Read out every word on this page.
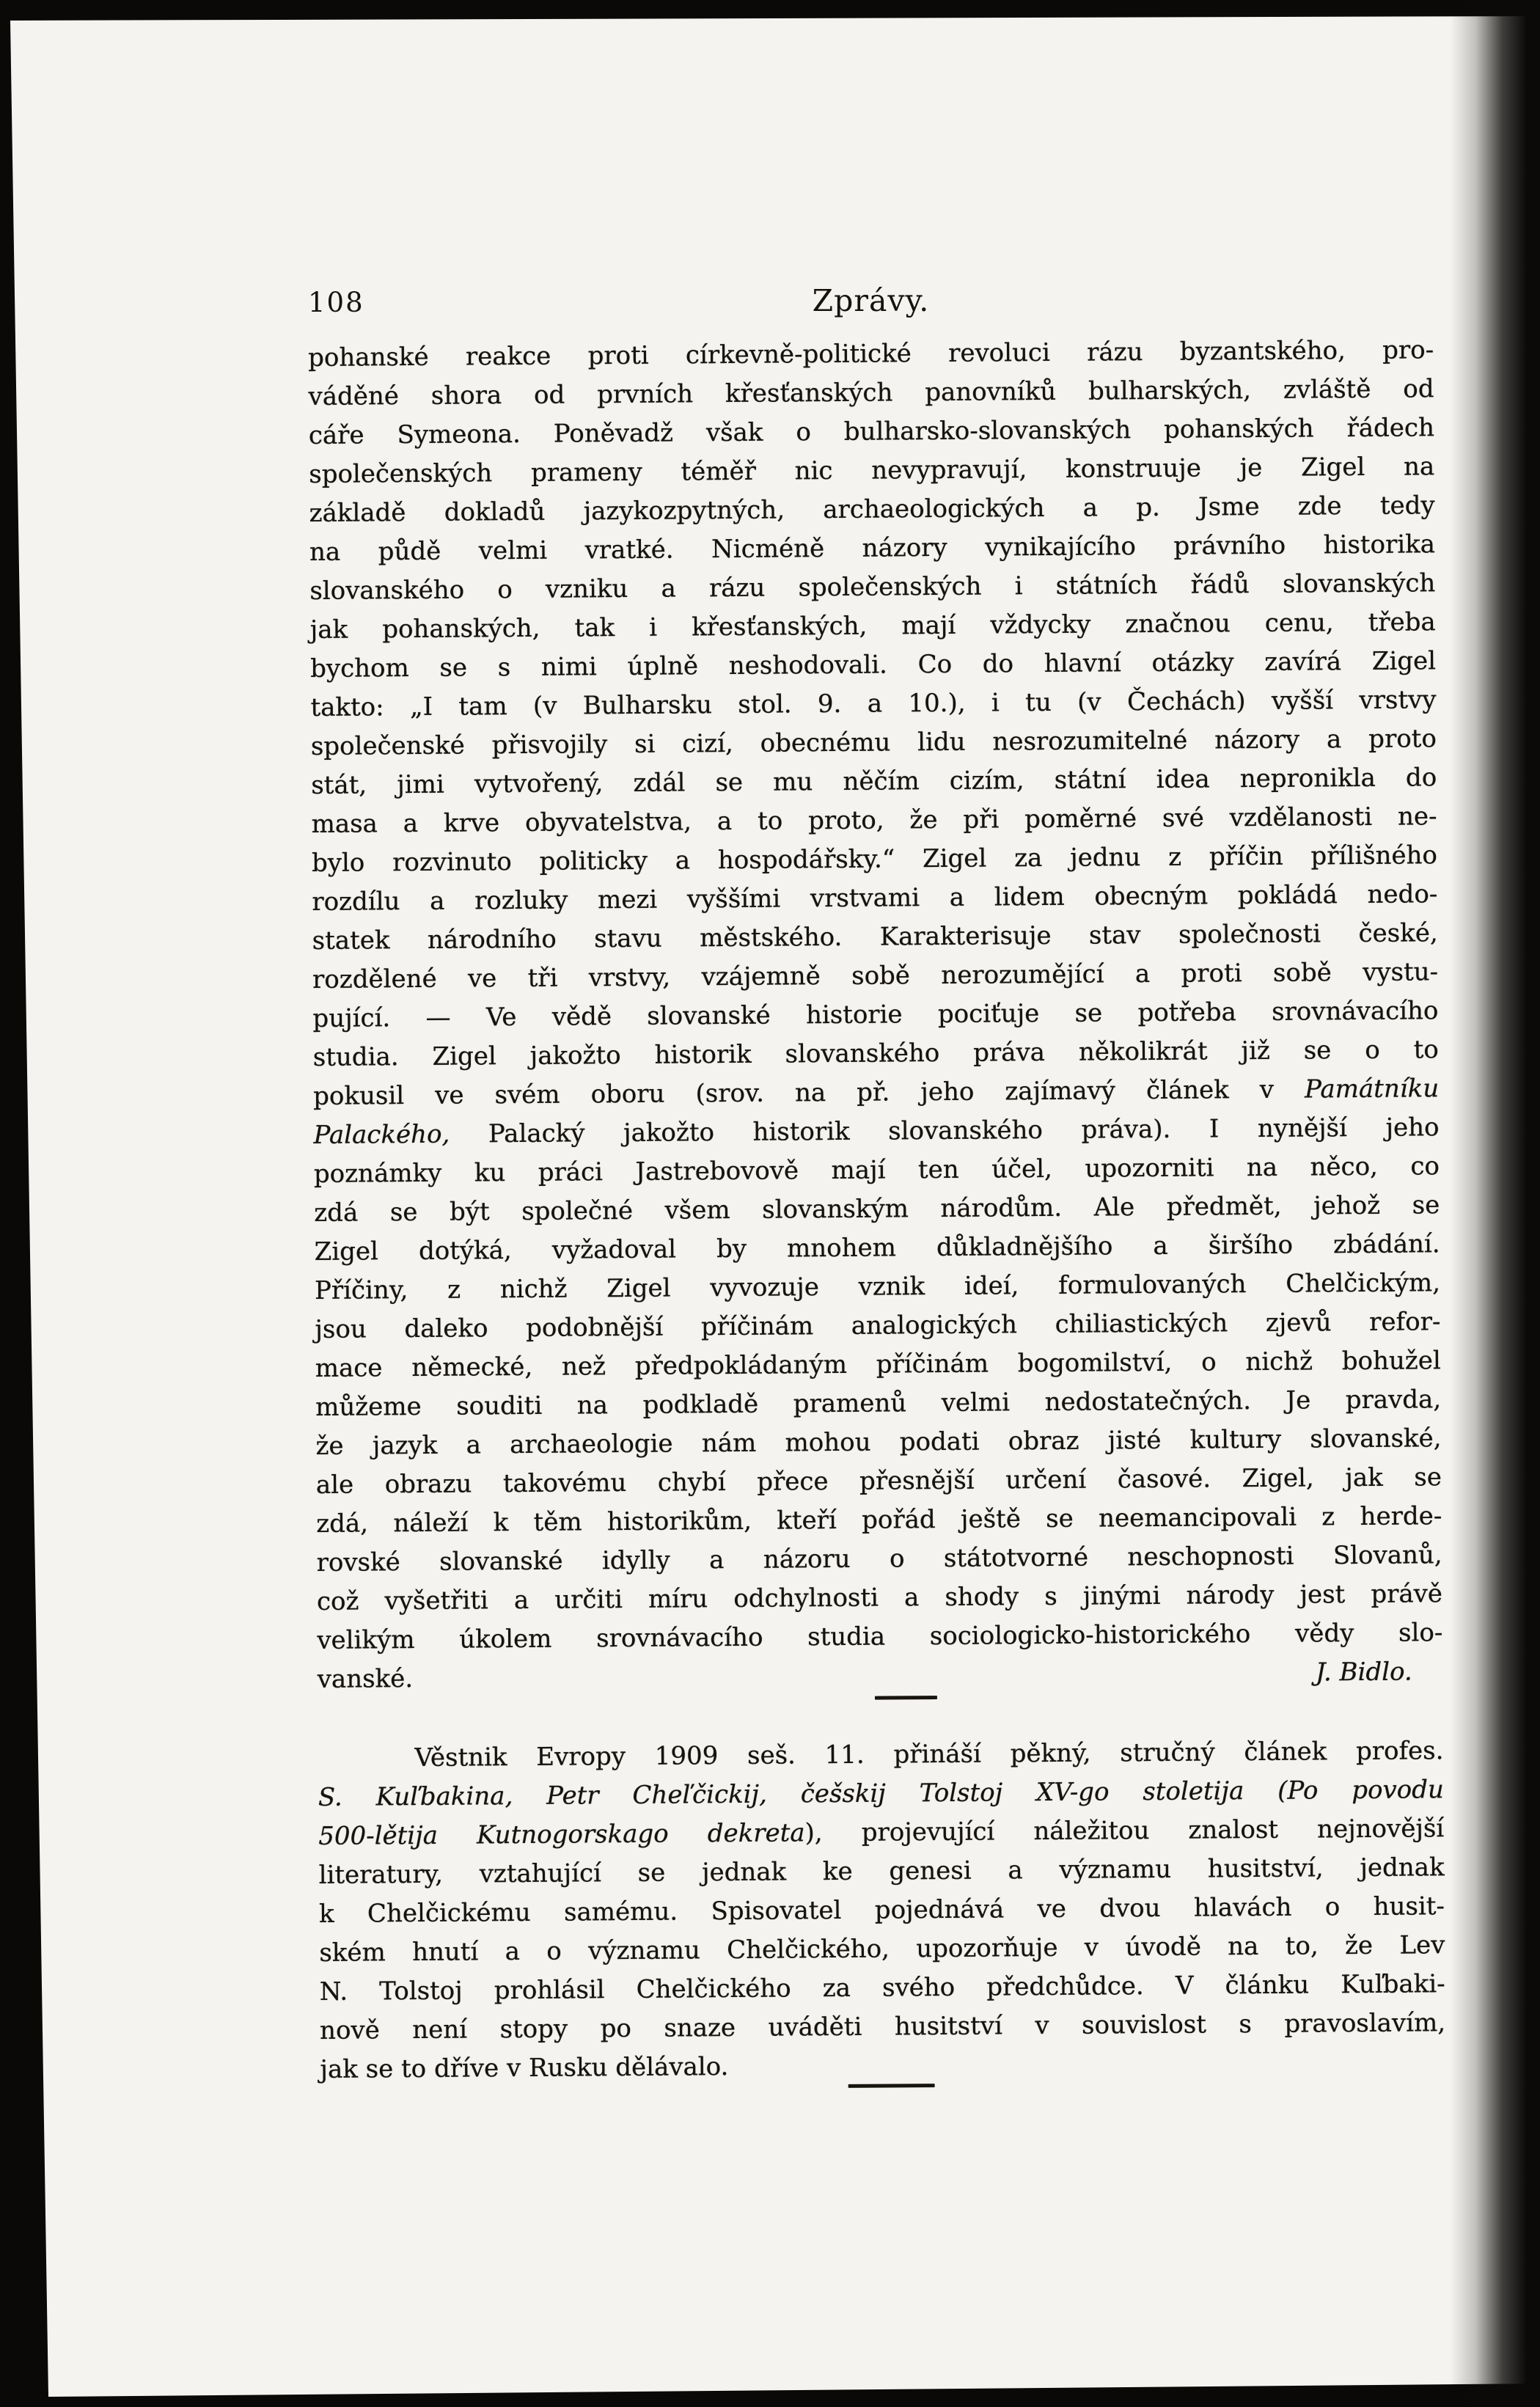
108	Zprávy.
pohanské reakce proti církevně-politické revoluci rázu byzantského, pro-
váděné shora od prvních křesťanských panovníků bulharských, zvláště od
cáře Symeona. Poněvadž však o bulharsko-slovanských pohanských řádech
společenských prameny téměř nic nevypravují, konstruuje je Zigel na
základě dokladů jazykozpytných, archaeologických a p. Jsme zde tedy
na půdě velmi vratké. Nicméně názory vynikajícího právního historika
slovanského o vzniku a rázu společenských i státních řádů slovanských
jak pohanských, tak i křesťanských, mají vždycky značnou cenu, třeba
bychom se s nimi úplně neshodovali. Co do hlavní otázky zavírá Zigel
takto: „I tam (v Bulharsku stol. 9. a 10.), i tu (v Čechách) vyšší vrstvy
společenské přisvojily si cizí, obecnému lidu nesrozumitelné názory a proto
stát, jimi vytvořený, zdál se mu něčím cizím, státní idea nepronikla do
masa a krve obyvatelstva, a to proto, že při poměrné své vzdělanosti ne-
bylo rozvinuto politicky a hospodářsky.“ Zigel za jednu z příčin přílišného
rozdílu a rozluky mezi vyššími vrstvami a lidem obecným pokládá nedo-
statek národního stavu městského. Karakterisuje stav společnosti české,
rozdělené ve tři vrstvy, vzájemně sobě nerozumějící a proti sobě vystu-
pující. — Ve vědě slovanské historie pociťuje se potřeba srovnávacího
studia. Zigel jakožto historik slovanského práva několikrát již se o to
pokusil ve svém oboru (srov. na př. jeho zajímavý článek v Památníku
Palackého, Palacký jakožto historik slovanského práva). I nynější jeho
poznámky ku práci Jastrebovově mají ten účel, upozorniti na něco, co
zdá se být společné všem slovanským národům. Ale předmět, jehož se
Zigel dotýká, vyžadoval by mnohem důkladnějšího a širšího zbádání.
Příčiny, z nichž Zigel vyvozuje vznik ideí, formulovaných Chelčickým,
jsou daleko podobnější příčinám analogických chiliastických zjevů refor-
mace německé, než předpokládaným příčinám bogomilství, o nichž bohužel
můžeme souditi na podkladě pramenů velmi nedostatečných. Je pravda,
že jazyk a archaeologie nám mohou podati obraz jisté kultury slovanské,
ale obrazu takovému chybí přece přesnější určení časové. Zigel, jak se
zdá, náleží k těm historikům, kteří pořád ještě se neemancipovali z herde-
rovské slovanské idylly a názoru o státotvorné neschopnosti Slovanů,
což vyšetřiti a určiti míru odchylnosti a shody s jinými národy jest právě
velikým úkolem srovnávacího studia sociologicko-historického vědy slo-
vanské.	J. Bidlo.
Věstnik Evropy 1909 seš. 11. přináší pěkný, stručný článek profes.
S. Kuľbakina, Petr Cheľčickij, češskij Tolstoj XV-go stoletija (Po povodu
500-lětija Kutnogorskago dekreta), projevující náležitou znalost nejnovější
literatury, vztahující se jednak ke genesi a významu husitství, jednak
k Chelčickému samému. Spisovatel pojednává ve dvou hlavách o husit-
ském hnutí a o významu Chelčického, upozorňuje v úvodě na to, že Lev
N. Tolstoj prohlásil Chelčického za svého předchůdce. V článku Kuľbaki-
nově není stopy po snaze uváděti husitství v souvislost s pravoslavím,
jak se to dříve v Rusku dělávalo.
